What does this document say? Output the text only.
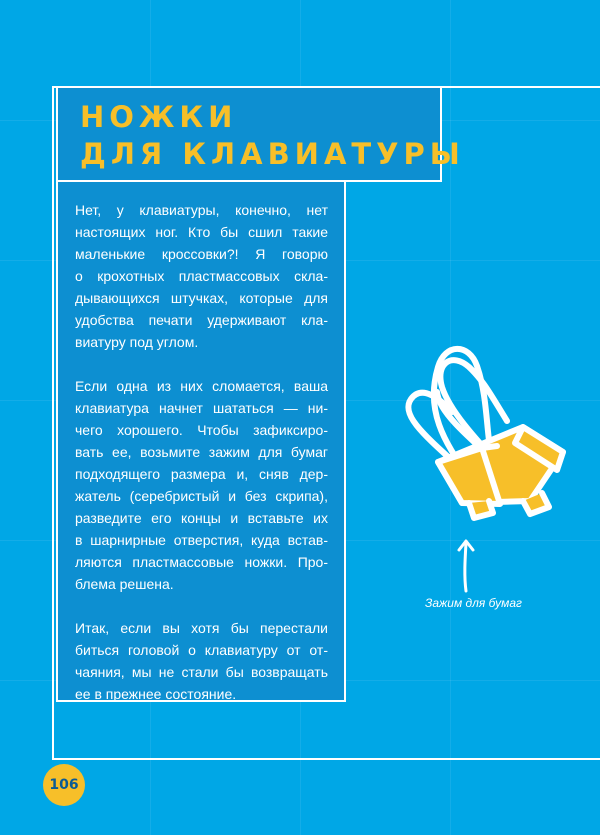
НОЖКИ
ДЛЯ КЛАВИАТУРЫ

Нет, у клавиатуры, конечно, нет
настоящих ног. Кто бы сшил такие
маленькие кроссовки?! Я говорю
о крохотных пластмассовых скла-
дывающихся штучках, которые для
удобства печати удерживают кла-
виатуру под углом.

Если одна из них сломается, ваша
клавиатура начнет шататься — ни-
чего хорошего. Чтобы зафиксиро-
вать ее, возьмите зажим для бумаг
подходящего размера и, сняв дер-
жатель (серебристый и без скрипа),
разведите его концы и вставьте их
в шарнирные отверстия, куда встав-
ляются пластмассовые ножки. Про-
блема решена.

Итак, если вы хотя бы перестали
биться головой о клавиатуру от от-
чаяния, мы не стали бы возвращать
ее в прежнее состояние.

Зажим для бумаг

106
